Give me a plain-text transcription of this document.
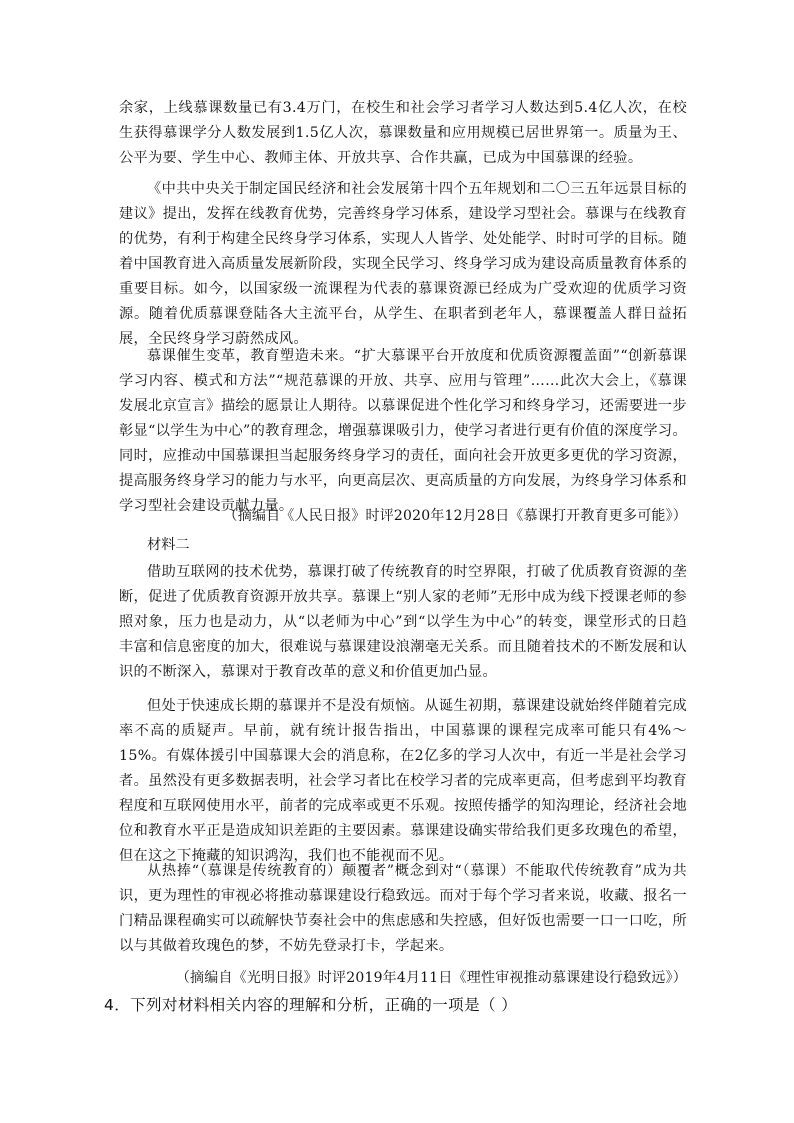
余家，上线慕课数量已有3.4万门，在校生和社会学习者学习人数达到5.4亿人次，在校生获得慕课学分人数发展到1.5亿人次，慕课数量和应用规模已居世界第一。质量为王、公平为要、学生中心、教师主体、开放共享、合作共赢，已成为中国慕课的经验。

《中共中央关于制定国民经济和社会发展第十四个五年规划和二〇三五年远景目标的建议》提出，发挥在线教育优势，完善终身学习体系，建设学习型社会。慕课与在线教育的优势，有利于构建全民终身学习体系，实现人人皆学、处处能学、时时可学的目标。随着中国教育进入高质量发展新阶段，实现全民学习、终身学习成为建设高质量教育体系的重要目标。如今，以国家级一流课程为代表的慕课资源已经成为广受欢迎的优质学习资源。随着优质慕课登陆各大主流平台，从学生、在职者到老年人，慕课覆盖人群日益拓展，全民终身学习蔚然成风。

慕课催生变革，教育塑造未来。“扩大慕课平台开放度和优质资源覆盖面”“创新慕课学习内容、模式和方法”“规范慕课的开放、共享、应用与管理”……此次大会上，《慕课发展北京宣言》描绘的愿景让人期待。以慕课促进个性化学习和终身学习，还需要进一步彰显“以学生为中心”的教育理念，增强慕课吸引力，使学习者进行更有价值的深度学习。同时，应推动中国慕课担当起服务终身学习的责任，面向社会开放更多更优的学习资源，提高服务终身学习的能力与水平，向更高层次、更高质量的方向发展，为终身学习体系和学习型社会建设贡献力量。

（摘编自《人民日报》时评2020年12月28日《慕课打开教育更多可能》）

材料二

借助互联网的技术优势，慕课打破了传统教育的时空界限，打破了优质教育资源的垄断，促进了优质教育资源开放共享。慕课上“别人家的老师”无形中成为线下授课老师的参照对象，压力也是动力，从“以老师为中心”到“以学生为中心”的转变，课堂形式的日趋丰富和信息密度的加大，很难说与慕课建设浪潮毫无关系。而且随着技术的不断发展和认识的不断深入，慕课对于教育改革的意义和价值更加凸显。

但处于快速成长期的慕课并不是没有烦恼。从诞生初期，慕课建设就始终伴随着完成率不高的质疑声。早前，就有统计报告指出，中国慕课的课程完成率可能只有4%～15%。有媒体援引中国慕课大会的消息称，在2亿多的学习人次中，有近一半是社会学习者。虽然没有更多数据表明，社会学习者比在校学习者的完成率更高，但考虑到平均教育程度和互联网使用水平，前者的完成率或更不乐观。按照传播学的知沟理论，经济社会地位和教育水平正是造成知识差距的主要因素。慕课建设确实带给我们更多玫瑰色的希望，但在这之下掩藏的知识鸿沟，我们也不能视而不见。

从热捧“（慕课是传统教育的）颠覆者”概念到对“（慕课）不能取代传统教育”成为共识，更为理性的审视必将推动慕课建设行稳致远。而对于每个学习者来说，收藏、报名一门精品课程确实可以疏解快节奏社会中的焦虑感和失控感，但好饭也需要一口一口吃，所以与其做着玫瑰色的梦，不妨先登录打卡，学起来。

（摘编自《光明日报》时评2019年4月11日《理性审视推动慕课建设行稳致远》）

4．下列对材料相关内容的理解和分析，正确的一项是（ ）
